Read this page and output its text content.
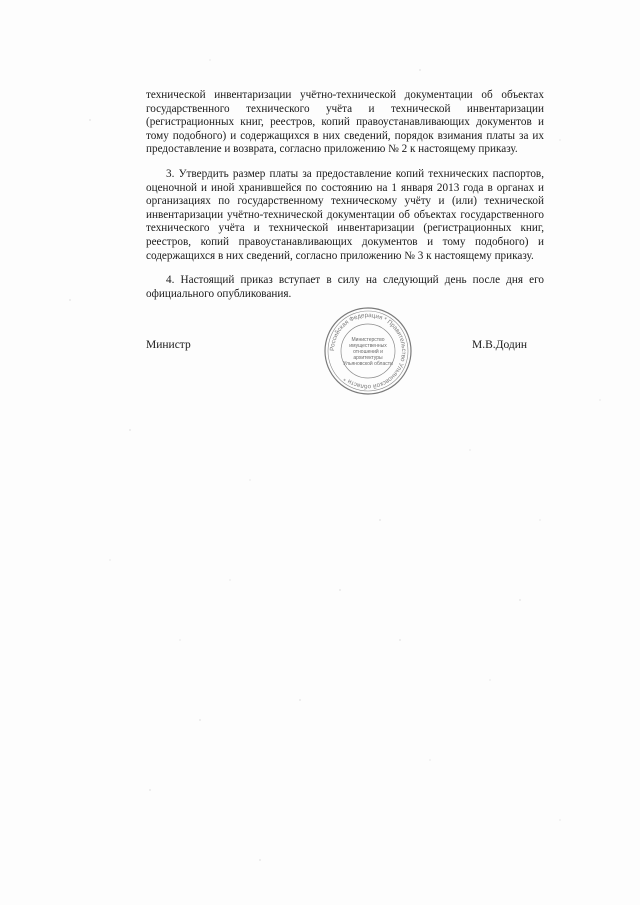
технической инвентаризации учётно-технической документации об объектах государственного технического учёта и технической инвентаризации (регистрационных книг, реестров, копий правоустанавливающих документов и тому подобного) и содержащихся в них сведений, порядок взимания платы за их предоставление и возврата, согласно приложению № 2 к настоящему приказу.
3. Утвердить размер платы за предоставление копий технических паспортов, оценочной и иной хранившейся по состоянию на 1 января 2013 года в органах и организациях по государственному техническому учёту и (или) технической инвентаризации учётно-технической документации об объектах государственного технического учёта и технической инвентаризации (регистрационных книг, реестров, копий правоустанавливающих документов и тому подобного) и содержащихся в них сведений, согласно приложению № 3 к настоящему приказу.
4. Настоящий приказ вступает в силу на следующий день после дня его официального опубликования.
Министр	М.В.Додин
Российская Федерация * Правительство Ульяновской области *
Министерство имущественных отношений и архитектуры Ульяновской области
